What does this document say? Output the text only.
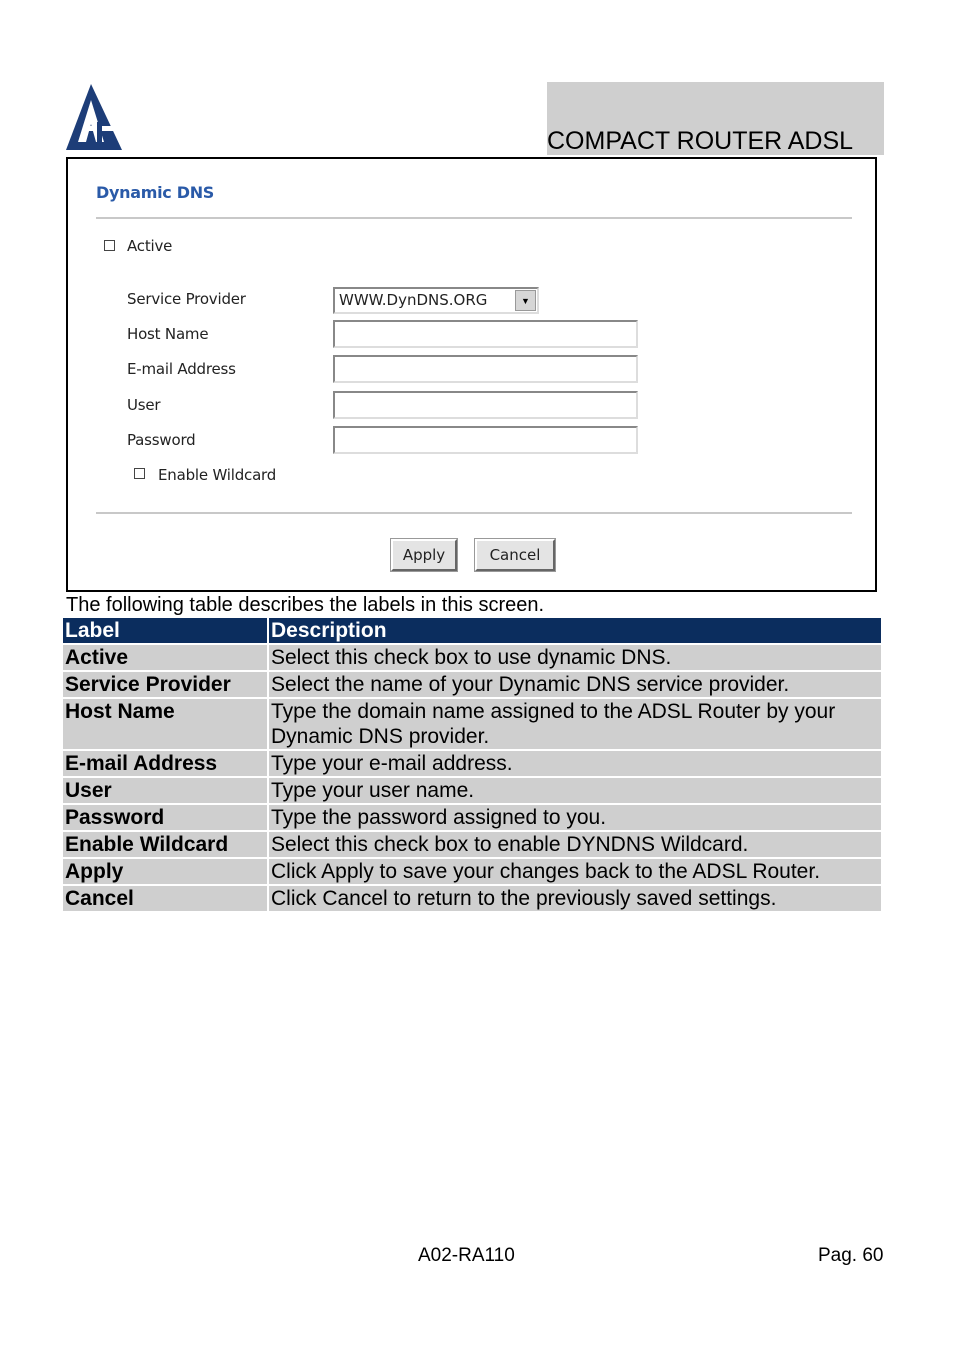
COMPACT ROUTER ADSL
Dynamic DNS
Active
Service Provider	WWW.DynDNS.ORG	▼
Host Name
E-mail Address
User
Password
Enable Wildcard
Apply	Cancel
The following table describes the labels in this screen.
Label	Description
Active	Select this check box to use dynamic DNS.
Service Provider	Select the name of your Dynamic DNS service provider.
Host Name	Type the domain name assigned to the ADSL Router by your Dynamic DNS provider.
E-mail Address	Type your e-mail address.
User	Type your user name.
Password	Type the password assigned to you.
Enable Wildcard	Select this check box to enable DYNDNS Wildcard.
Apply	Click Apply to save your changes back to the ADSL Router.
Cancel	Click Cancel to return to the previously saved settings.
A02-RA110	Pag. 60
